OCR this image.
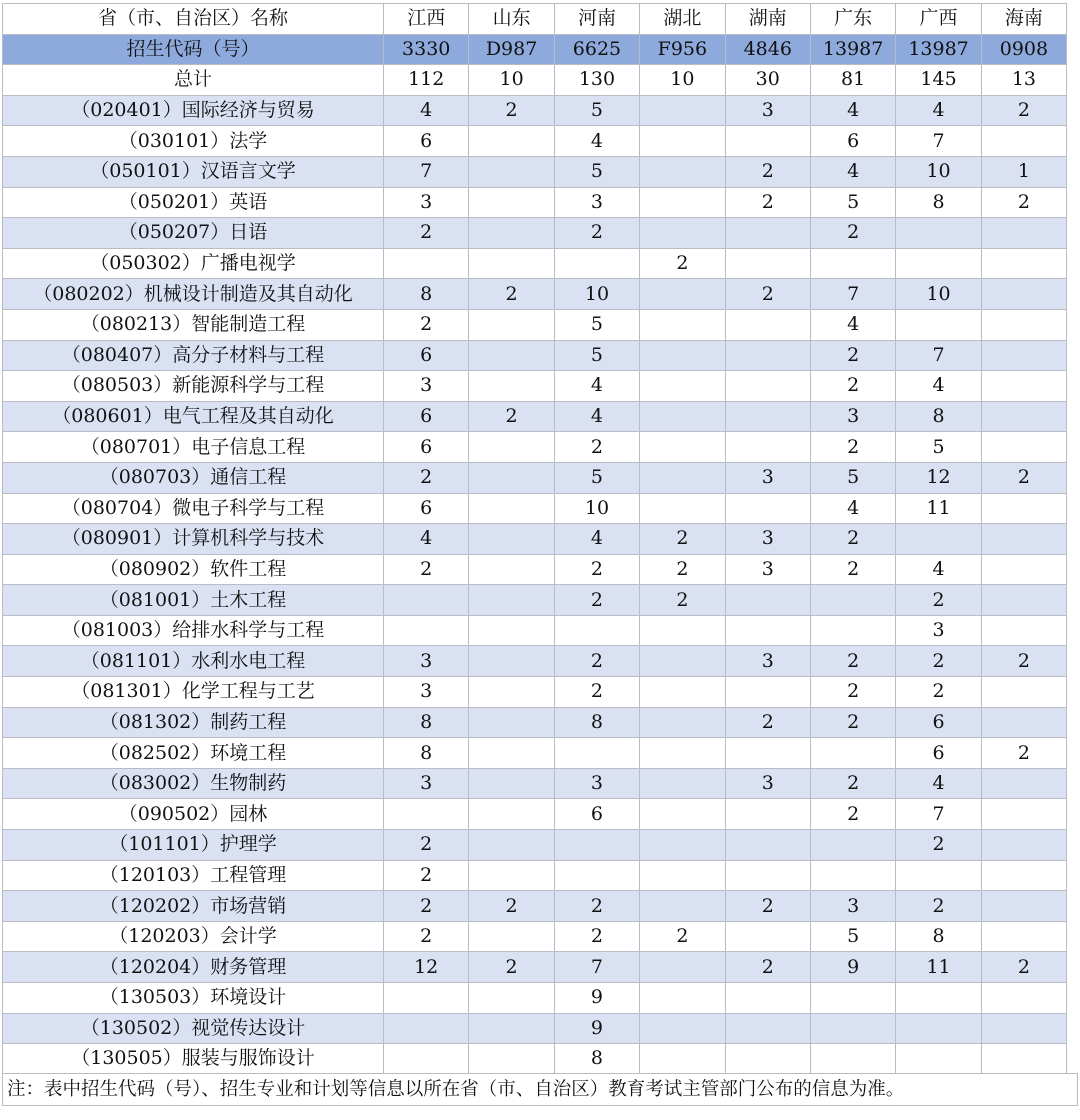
省（市、自治区）名称	江西	山东	河南	湖北	湖南	广东	广西	海南
招生代码（号）	3330	D987	6625	F956	4846	13987	13987	0908
总计	112	10	130	10	30	81	145	13
（020401）国际经济与贸易	4	2	5		3	4	4	2
（030101）法学	6		4			6	7	
（050101）汉语言文学	7		5		2	4	10	1
（050201）英语	3		3		2	5	8	2
（050207）日语	2		2			2		
（050302）广播电视学				2				
（080202）机械设计制造及其自动化	8	2	10		2	7	10	
（080213）智能制造工程	2		5			4		
（080407）高分子材料与工程	6		5			2	7	
（080503）新能源科学与工程	3		4			2	4	
（080601）电气工程及其自动化	6	2	4			3	8	
（080701）电子信息工程	6		2			2	5	
（080703）通信工程	2		5		3	5	12	2
（080704）微电子科学与工程	6		10			4	11	
（080901）计算机科学与技术	4		4	2	3	2		
（080902）软件工程	2		2	2	3	2	4	
（081001）土木工程			2	2			2	
（081003）给排水科学与工程							3	
（081101）水利水电工程	3		2		3	2	2	2
（081301）化学工程与工艺	3		2			2	2	
（081302）制药工程	8		8		2	2	6	
（082502）环境工程	8						6	2
（083002）生物制药	3		3		3	2	4	
（090502）园林			6			2	7	
（101101）护理学	2						2	
（120103）工程管理	2							
（120202）市场营销	2	2	2		2	3	2	
（120203）会计学	2		2	2		5	8	
（120204）财务管理	12	2	7		2	9	11	2
（130503）环境设计			9					
（130502）视觉传达设计			9					
（130505）服装与服饰设计			8					
注：表中招生代码（号）、招生专业和计划等信息以所在省（市、自治区）教育考试主管部门公布的信息为准。
